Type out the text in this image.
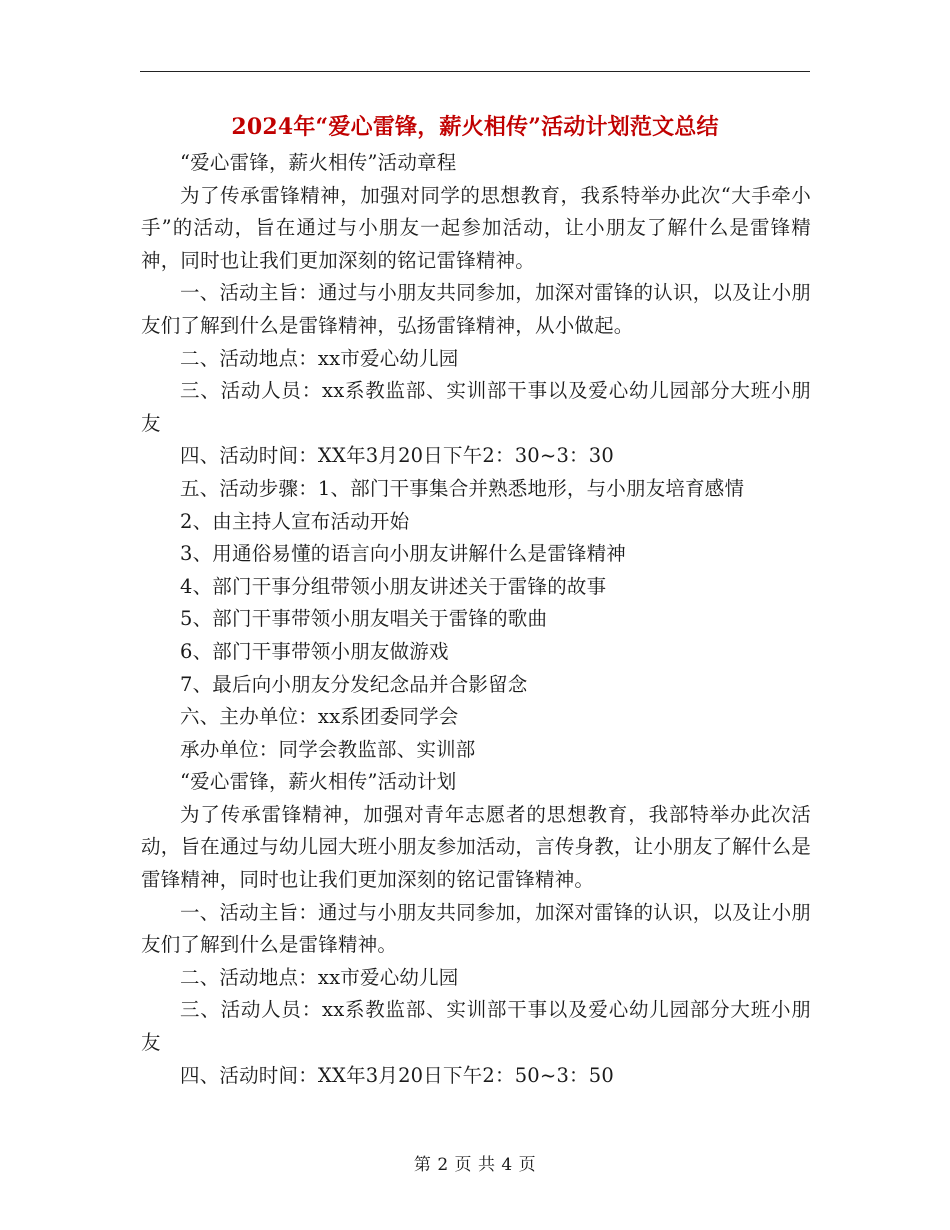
2024年“爱心雷锋，薪火相传”活动计划范文总结

“爱心雷锋，薪火相传”活动章程

为了传承雷锋精神，加强对同学的思想教育，我系特举办此次“大手牵小手”的活动，旨在通过与小朋友一起参加活动，让小朋友了解什么是雷锋精神，同时也让我们更加深刻的铭记雷锋精神。

一、活动主旨：通过与小朋友共同参加，加深对雷锋的认识，以及让小朋友们了解到什么是雷锋精神，弘扬雷锋精神，从小做起。

二、活动地点：xx市爱心幼儿园

三、活动人员：xx系教监部、实训部干事以及爱心幼儿园部分大班小朋友

四、活动时间：XX年3月20日下午2：30~3：30

五、活动步骤：1、部门干事集合并熟悉地形，与小朋友培育感情

2、由主持人宣布活动开始

3、用通俗易懂的语言向小朋友讲解什么是雷锋精神

4、部门干事分组带领小朋友讲述关于雷锋的故事

5、部门干事带领小朋友唱关于雷锋的歌曲

6、部门干事带领小朋友做游戏

7、最后向小朋友分发纪念品并合影留念

六、主办单位：xx系团委同学会

承办单位：同学会教监部、实训部

“爱心雷锋，薪火相传”活动计划

为了传承雷锋精神，加强对青年志愿者的思想教育，我部特举办此次活动，旨在通过与幼儿园大班小朋友参加活动，言传身教，让小朋友了解什么是雷锋精神，同时也让我们更加深刻的铭记雷锋精神。

一、活动主旨：通过与小朋友共同参加，加深对雷锋的认识，以及让小朋友们了解到什么是雷锋精神。

二、活动地点：xx市爱心幼儿园

三、活动人员：xx系教监部、实训部干事以及爱心幼儿园部分大班小朋友

四、活动时间：XX年3月20日下午2：50~3：50

第 2 页 共 4 页
